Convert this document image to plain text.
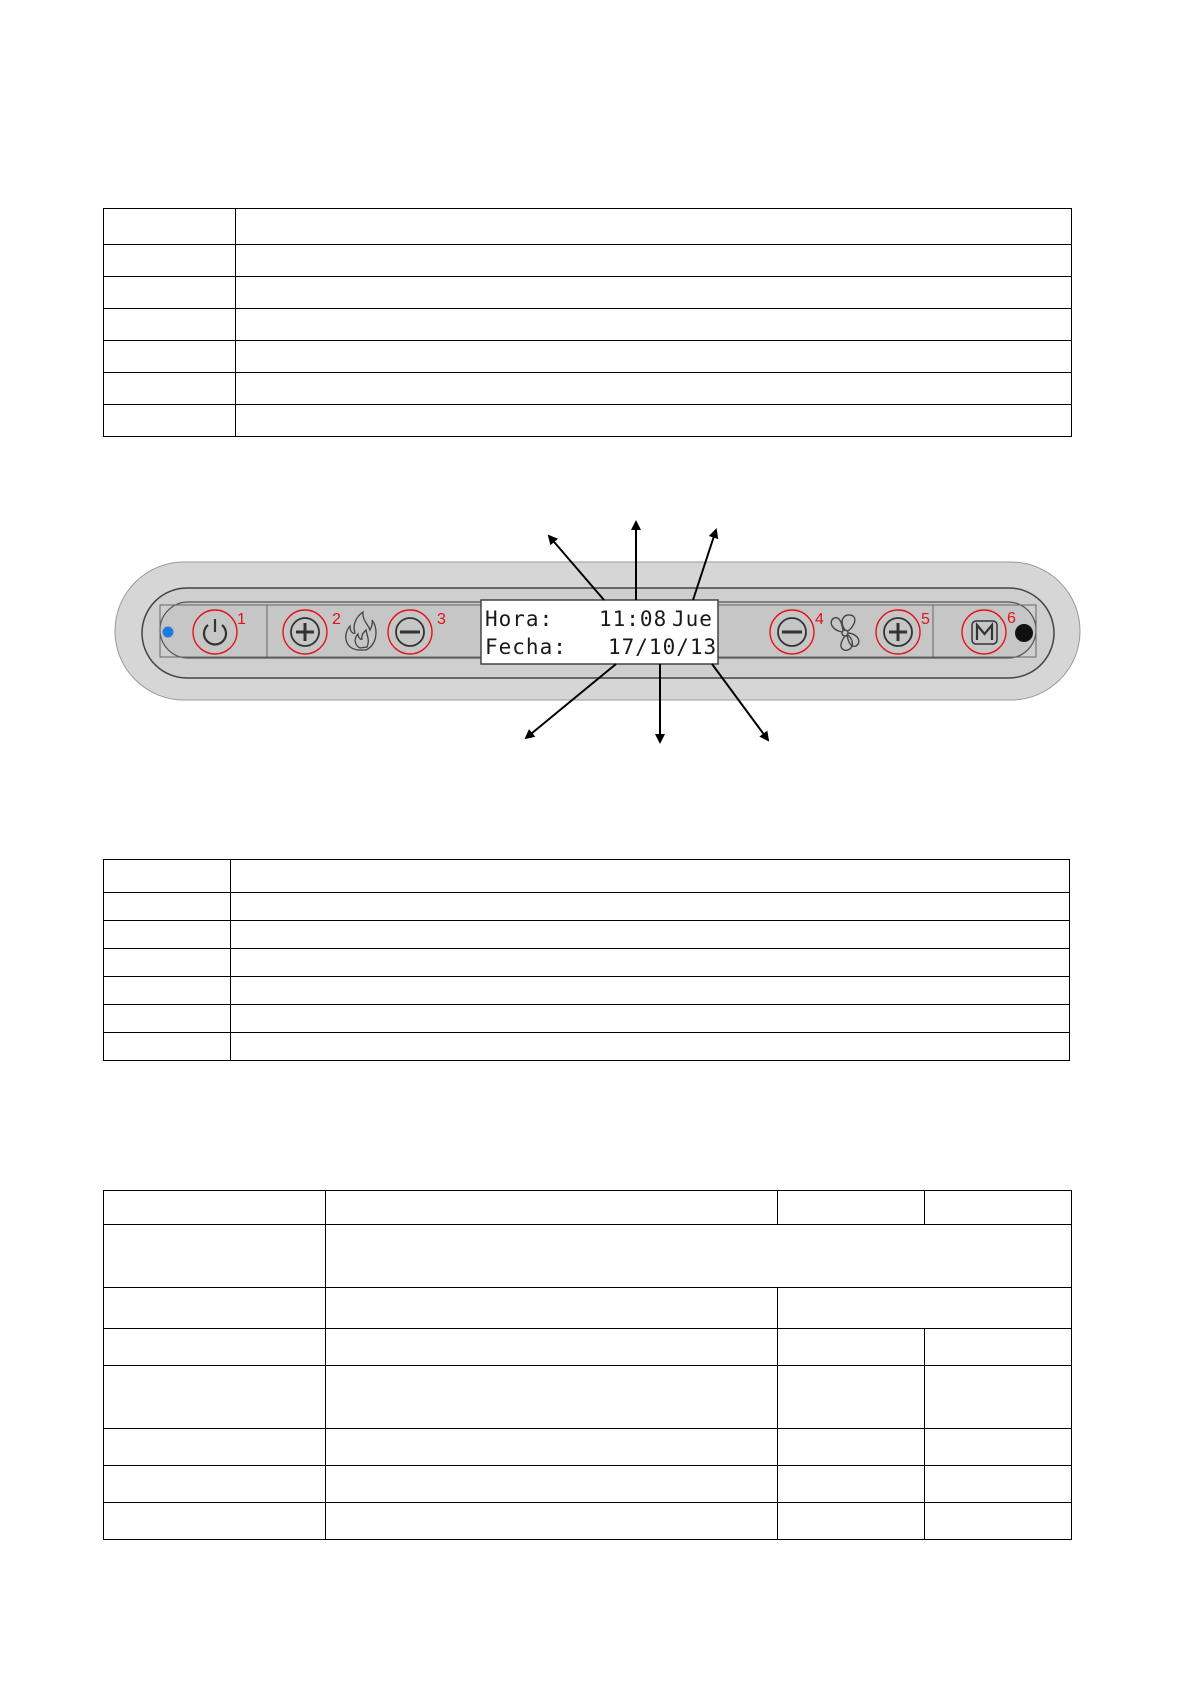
1	2	3 Hora: 11:08 Jue
Fecha: 17/10/13
4	5	6
